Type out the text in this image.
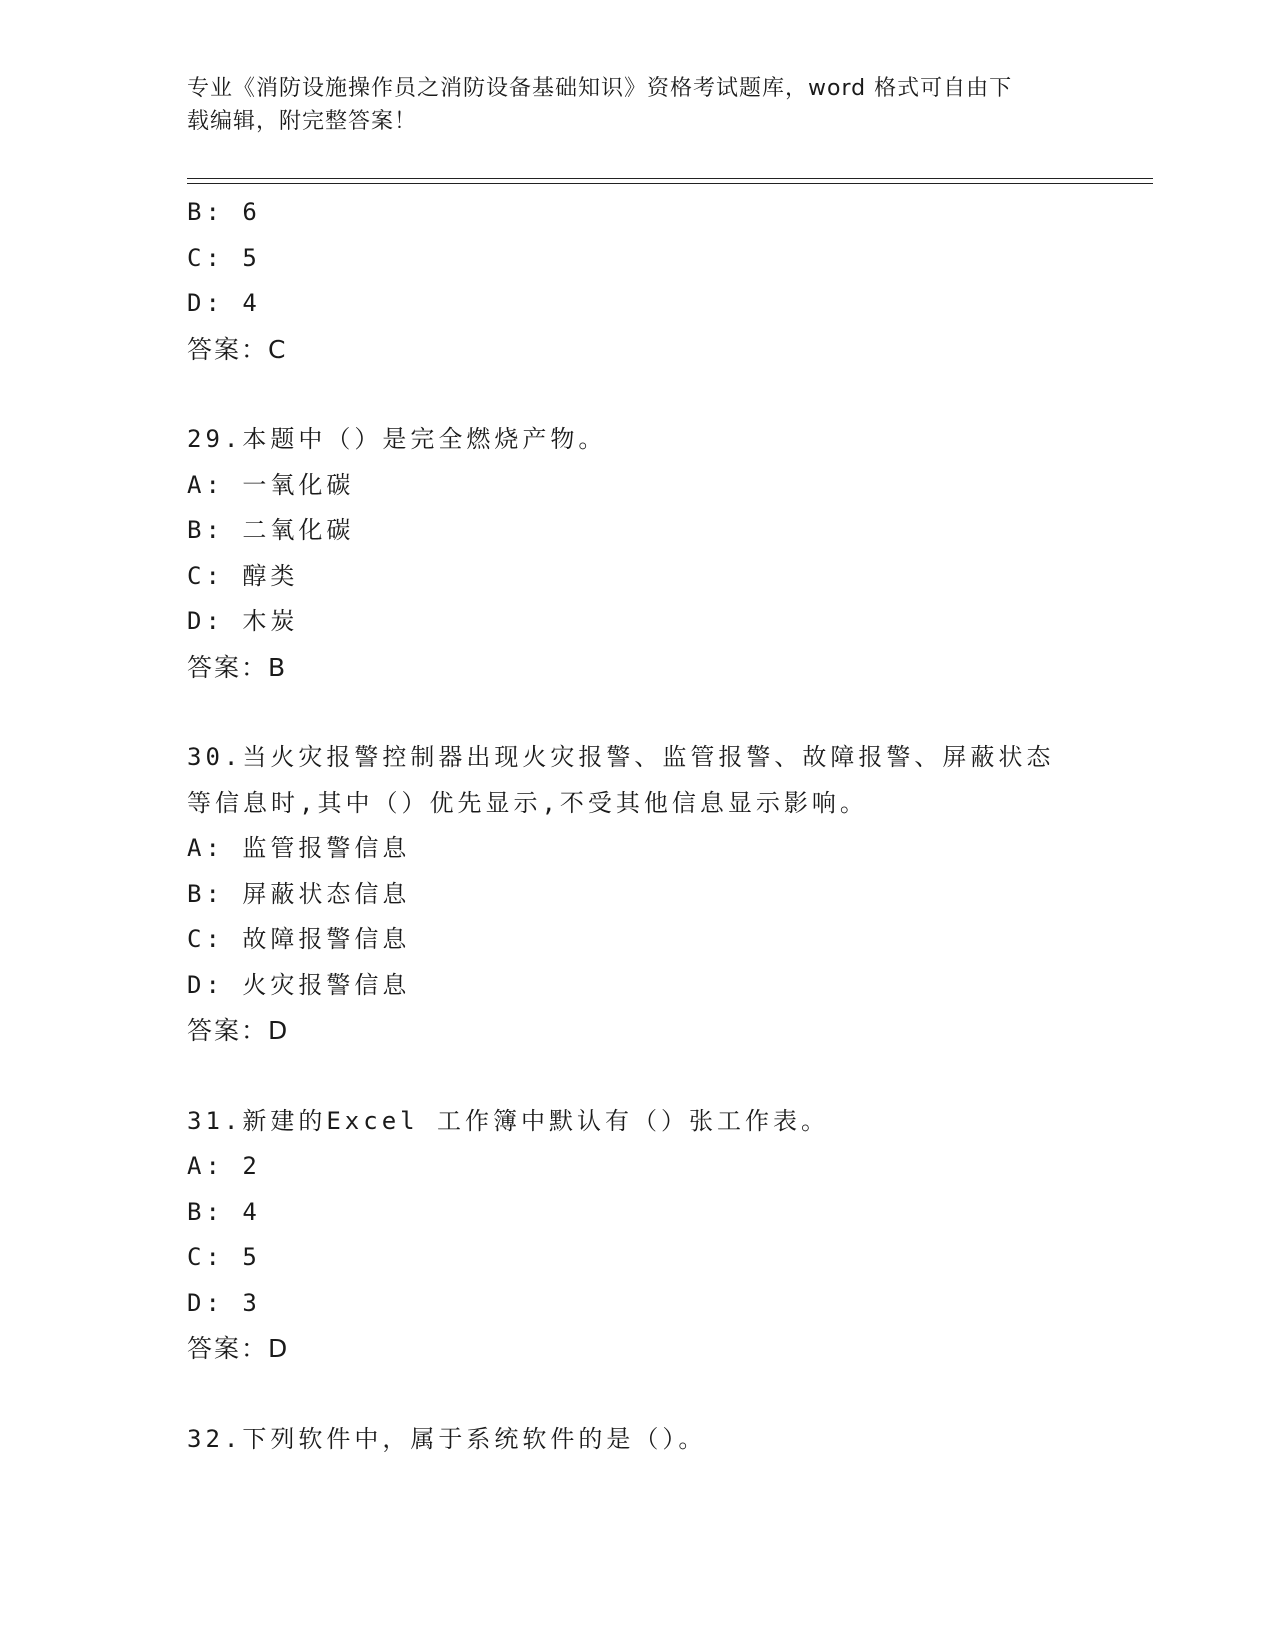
专业《消防设施操作员之消防设备基础知识》资格考试题库，word 格式可自由下
载编辑，附完整答案！
B: 6
C: 5
D: 4
答案：C
29.本题中（）是完全燃烧产物。
A: 一氧化碳
B: 二氧化碳
C: 醇类
D: 木炭
答案：B
30.当火灾报警控制器出现火灾报警、监管报警、故障报警、屏蔽状态
等信息时,其中（）优先显示,不受其他信息显示影响。
A: 监管报警信息
B: 屏蔽状态信息
C: 故障报警信息
D: 火灾报警信息
答案：D
31.新建的Excel 工作簿中默认有（）张工作表。
A: 2
B: 4
C: 5
D: 3
答案：D
32.下列软件中，属于系统软件的是（）。
